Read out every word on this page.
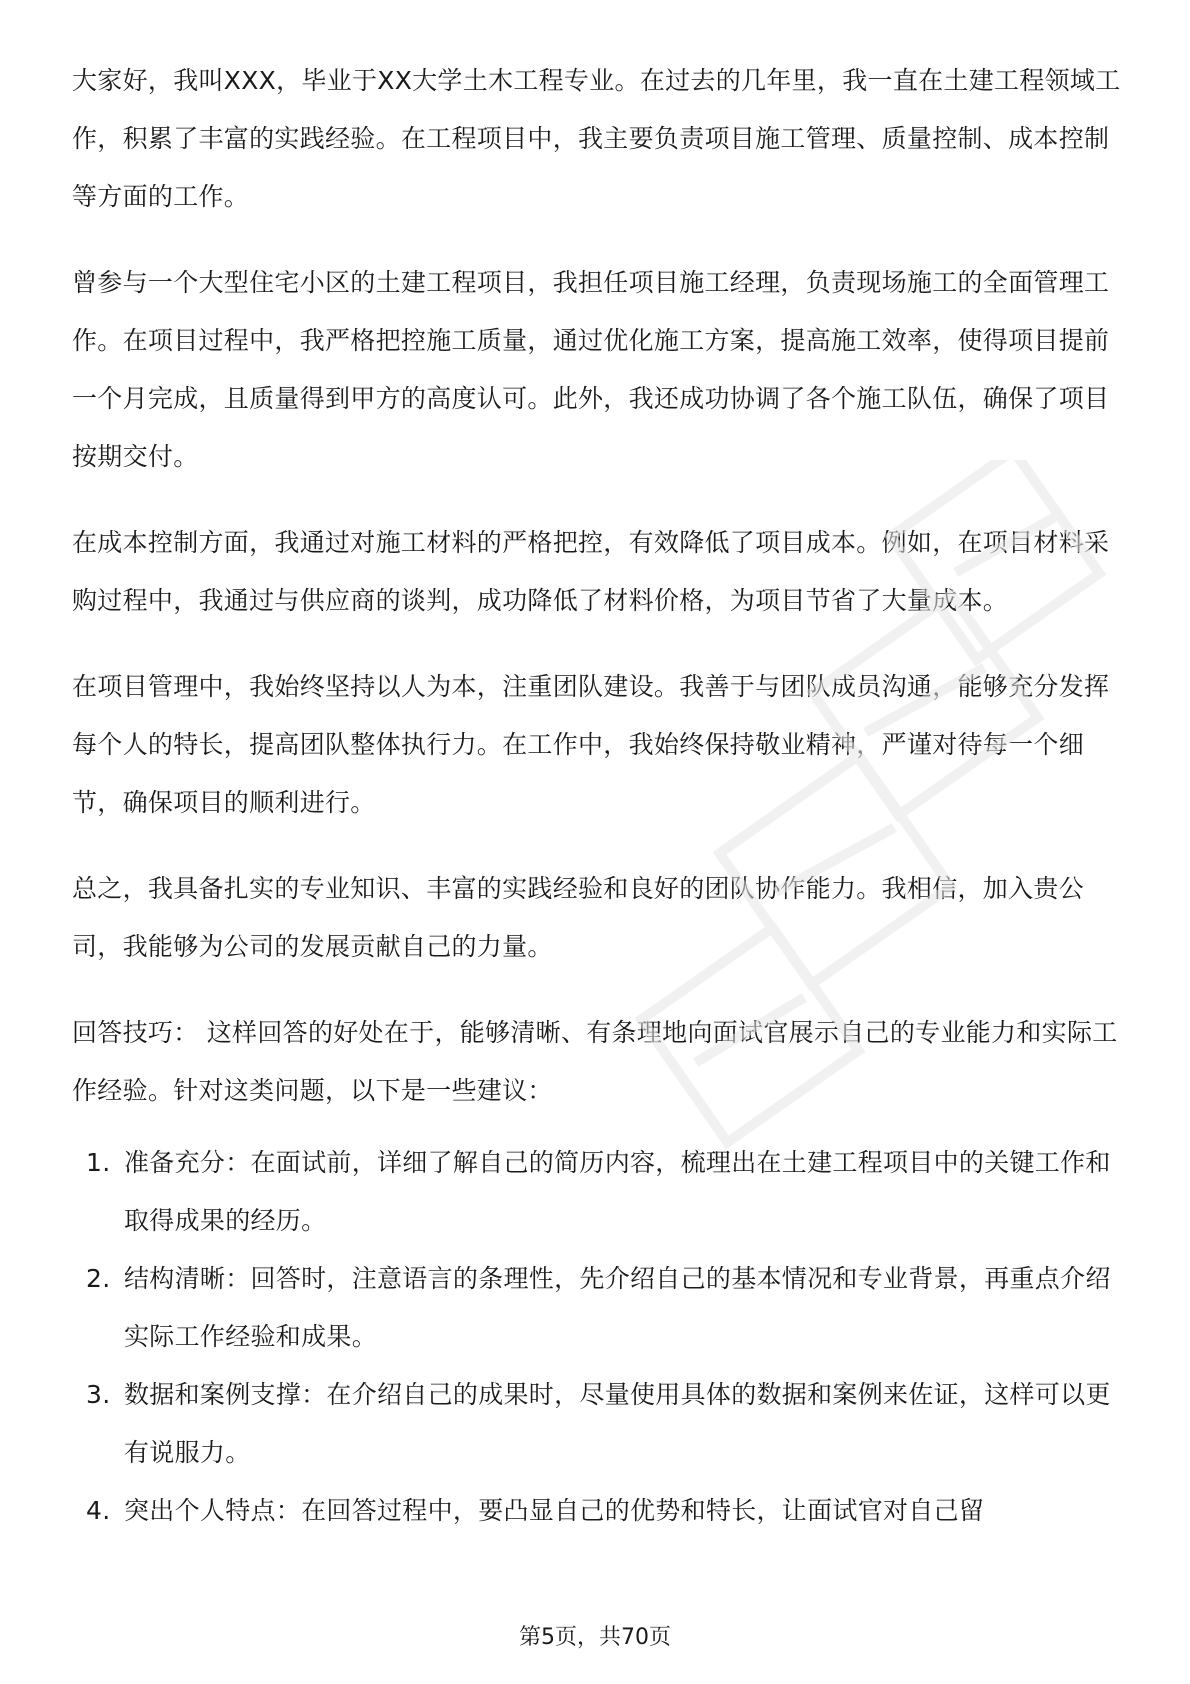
大家好，我叫XXX，毕业于XX大学土木工程专业。在过去的几年里，我一直在土建工程领域工作，积累了丰富的实践经验。在工程项目中，我主要负责项目施工管理、质量控制、成本控制等方面的工作。

曾参与一个大型住宅小区的土建工程项目，我担任项目施工经理，负责现场施工的全面管理工作。在项目过程中，我严格把控施工质量，通过优化施工方案，提高施工效率，使得项目提前一个月完成，且质量得到甲方的高度认可。此外，我还成功协调了各个施工队伍，确保了项目按期交付。

在成本控制方面，我通过对施工材料的严格把控，有效降低了项目成本。例如，在项目材料采购过程中，我通过与供应商的谈判，成功降低了材料价格，为项目节省了大量成本。

在项目管理中，我始终坚持以人为本，注重团队建设。我善于与团队成员沟通，能够充分发挥每个人的特长，提高团队整体执行力。在工作中，我始终保持敬业精神，严谨对待每一个细节，确保项目的顺利进行。

总之，我具备扎实的专业知识、丰富的实践经验和良好的团队协作能力。我相信，加入贵公司，我能够为公司的发展贡献自己的力量。

回答技巧： 这样回答的好处在于，能够清晰、有条理地向面试官展示自己的专业能力和实际工作经验。针对这类问题，以下是一些建议：

1. 准备充分：在面试前，详细了解自己的简历内容，梳理出在土建工程项目中的关键工作和取得成果的经历。
2. 结构清晰：回答时，注意语言的条理性，先介绍自己的基本情况和专业背景，再重点介绍实际工作经验和成果。
3. 数据和案例支撑：在介绍自己的成果时，尽量使用具体的数据和案例来佐证，这样可以更有说服力。
4. 突出个人特点：在回答过程中，要凸显自己的优势和特长，让面试官对自己留
第5页，共70页
